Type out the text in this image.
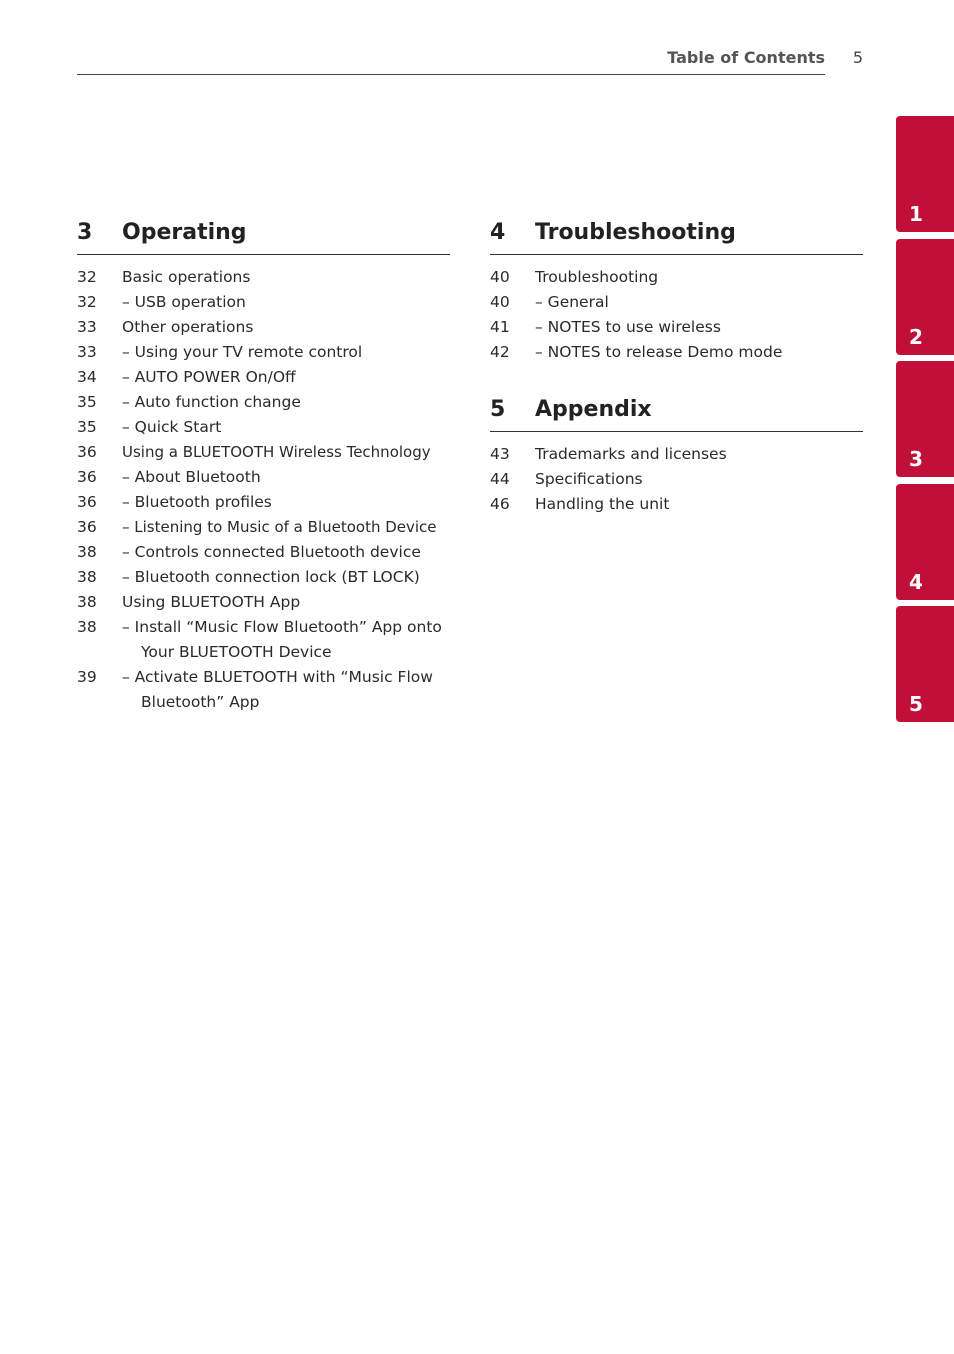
Table of Contents 5
3 Operating
32 Basic operations
32 – USB operation
33 Other operations
33 – Using your TV remote control
34 – AUTO POWER On/Off
35 – Auto function change
35 – Quick Start
36 Using a BLUETOOTH Wireless Technology
36 – About Bluetooth
36 – Bluetooth profiles
36 – Listening to Music of a Bluetooth Device
38 – Controls connected Bluetooth device
38 – Bluetooth connection lock (BT LOCK)
38 Using BLUETOOTH App
38 – Install “Music Flow Bluetooth” App onto
Your BLUETOOTH Device
39 – Activate BLUETOOTH with “Music Flow
Bluetooth” App
4 Troubleshooting
40 Troubleshooting
40 – General
41 – NOTES to use wireless
42 – NOTES to release Demo mode
5 Appendix
43 Trademarks and licenses
44 Specifications
46 Handling the unit
1
2
3
4
5
